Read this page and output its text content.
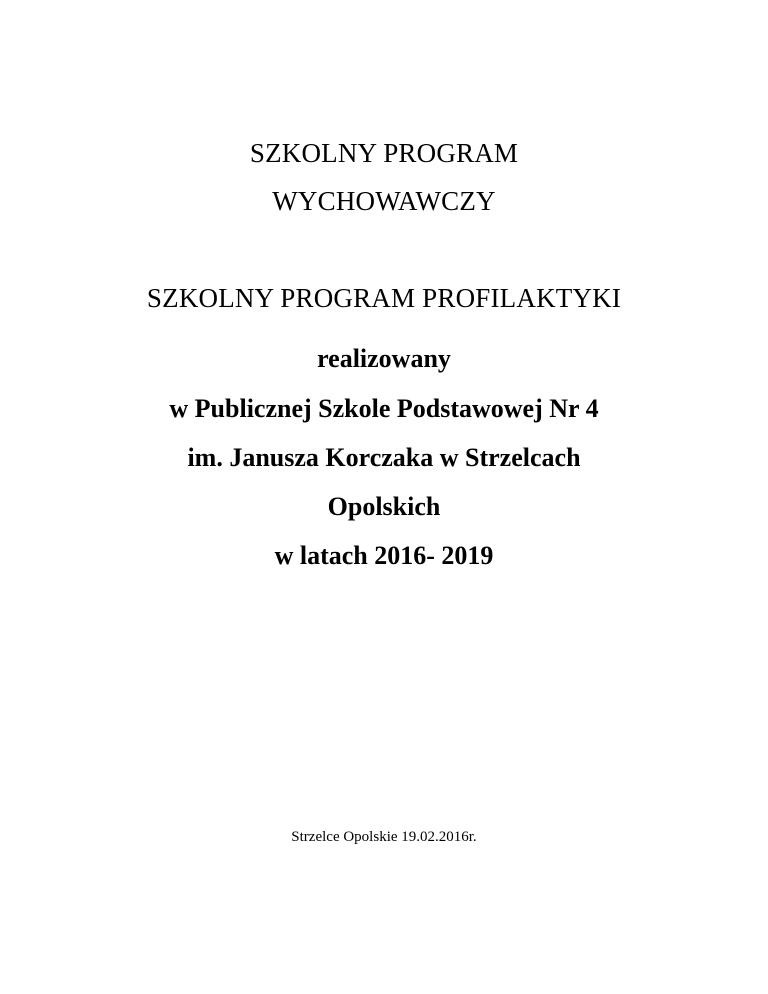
SZKOLNY PROGRAM
WYCHOWAWCZY
SZKOLNY PROGRAM PROFILAKTYKI
realizowany
w Publicznej Szkole Podstawowej Nr 4
im. Janusza Korczaka w Strzelcach
Opolskich
w latach 2016- 2019
Strzelce Opolskie 19.02.2016r.
